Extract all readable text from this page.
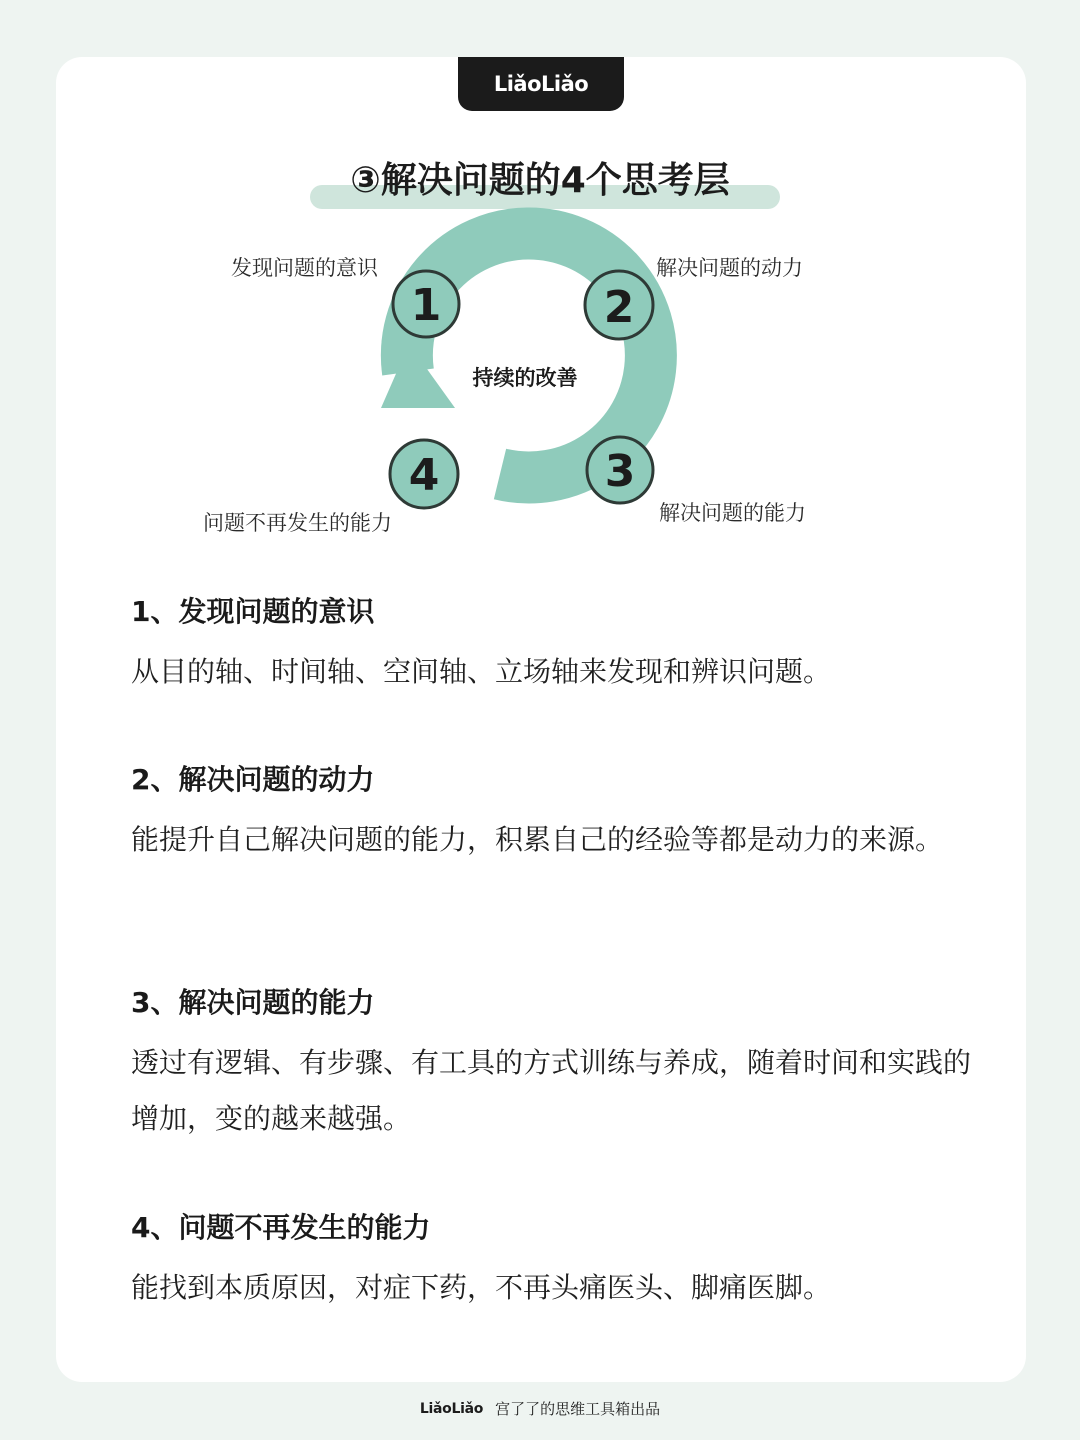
LiǎoLiǎo
③解决问题的4个思考层
1	2
3
4
持续的改善
发现问题的意识	解决问题的动力
解决问题的能力
问题不再发生的能力
1、发现问题的意识
从目的轴、时间轴、空间轴、立场轴来发现和辨识问题。
2、解决问题的动力
能提升自己解决问题的能力，积累自己的经验等都是动力的来源。
3、解决问题的能力
透过有逻辑、有步骤、有工具的方式训练与养成，随着时间和实践的增加，变的越来越强。
4、问题不再发生的能力
能找到本质原因，对症下药，不再头痛医头、脚痛医脚。
LiǎoLiǎo 宫了了的思维工具箱出品
